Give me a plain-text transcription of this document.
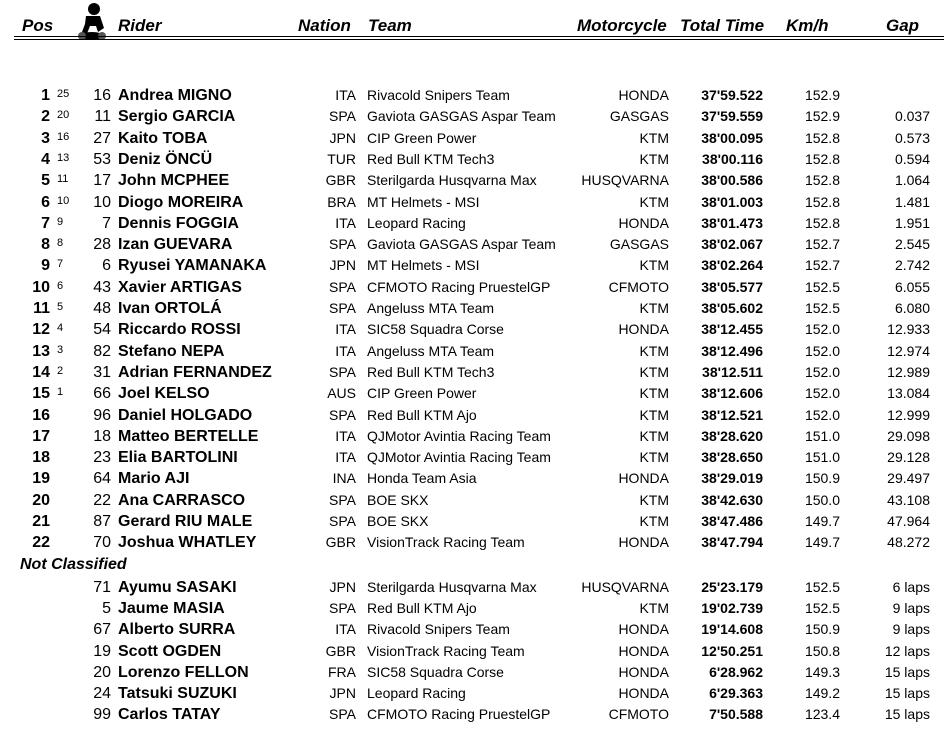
Pos	Rider	Nation Team	Motorcycle Total Time Km/h	Gap
1 25	16 Andrea MIGNO	ITA Rivacold Snipers Team	HONDA	37'59.522	152.9
2 20	11 Sergio GARCIA	SPA Gaviota GASGAS Aspar Team	GASGAS	37'59.559	152.9	0.037
3 16	27 Kaito TOBA	JPN CIP Green Power	KTM	38'00.095	152.8	0.573
4 13	53 Deniz ÖNCÜ	TUR Red Bull KTM Tech3	KTM	38'00.116	152.8	0.594
5 11	17 John MCPHEE	GBR Sterilgarda Husqvarna Max	HUSQVARNA	38'00.586	152.8	1.064
6 10	10 Diogo MOREIRA	BRA MT Helmets - MSI	KTM	38'01.003	152.8	1.481
7 9	7 Dennis FOGGIA	ITA Leopard Racing	HONDA	38'01.473	152.8	1.951
8 8	28 Izan GUEVARA	SPA Gaviota GASGAS Aspar Team	GASGAS	38'02.067	152.7	2.545
9 7	6 Ryusei YAMANAKA	JPN MT Helmets - MSI	KTM	38'02.264	152.7	2.742
10 6	43 Xavier ARTIGAS	SPA CFMOTO Racing PruestelGP	CFMOTO	38'05.577	152.5	6.055
11 5	48 Ivan ORTOLÁ	SPA Angeluss MTA Team	KTM	38'05.602	152.5	6.080
12 4	54 Riccardo ROSSI	ITA SIC58 Squadra Corse	HONDA	38'12.455	152.0	12.933
13 3	82 Stefano NEPA	ITA Angeluss MTA Team	KTM	38'12.496	152.0	12.974
14 2	31 Adrian FERNANDEZ	SPA Red Bull KTM Tech3	KTM	38'12.511	152.0	12.989
15 1	66 Joel KELSO	AUS CIP Green Power	KTM	38'12.606	152.0	13.084
16	96 Daniel HOLGADO	SPA Red Bull KTM Ajo	KTM	38'12.521	152.0	12.999
17	18 Matteo BERTELLE	ITA QJMotor Avintia Racing Team	KTM	38'28.620	151.0	29.098
18	23 Elia BARTOLINI	ITA QJMotor Avintia Racing Team	KTM	38'28.650	151.0	29.128
19	64 Mario AJI	INA Honda Team Asia	HONDA	38'29.019	150.9	29.497
20	22 Ana CARRASCO	SPA BOE SKX	KTM	38'42.630	150.0	43.108
21	87 Gerard RIU MALE	SPA BOE SKX	KTM	38'47.486	149.7	47.964
22	70 Joshua WHATLEY	GBR VisionTrack Racing Team	HONDA	38'47.794	149.7	48.272
Not Classified
71 Ayumu SASAKI	JPN Sterilgarda Husqvarna Max	HUSQVARNA	25'23.179	152.5	6 laps
5 Jaume MASIA	SPA Red Bull KTM Ajo	KTM	19'02.739	152.5	9 laps
67 Alberto SURRA	ITA Rivacold Snipers Team	HONDA	19'14.608	150.9	9 laps
19 Scott OGDEN	GBR VisionTrack Racing Team	HONDA	12'50.251	150.8	12 laps
20 Lorenzo FELLON	FRA SIC58 Squadra Corse	HONDA	6'28.962	149.3	15 laps
24 Tatsuki SUZUKI	JPN Leopard Racing	HONDA	6'29.363	149.2	15 laps
99 Carlos TATAY	SPA CFMOTO Racing PruestelGP	CFMOTO	7'50.588	123.4	15 laps
